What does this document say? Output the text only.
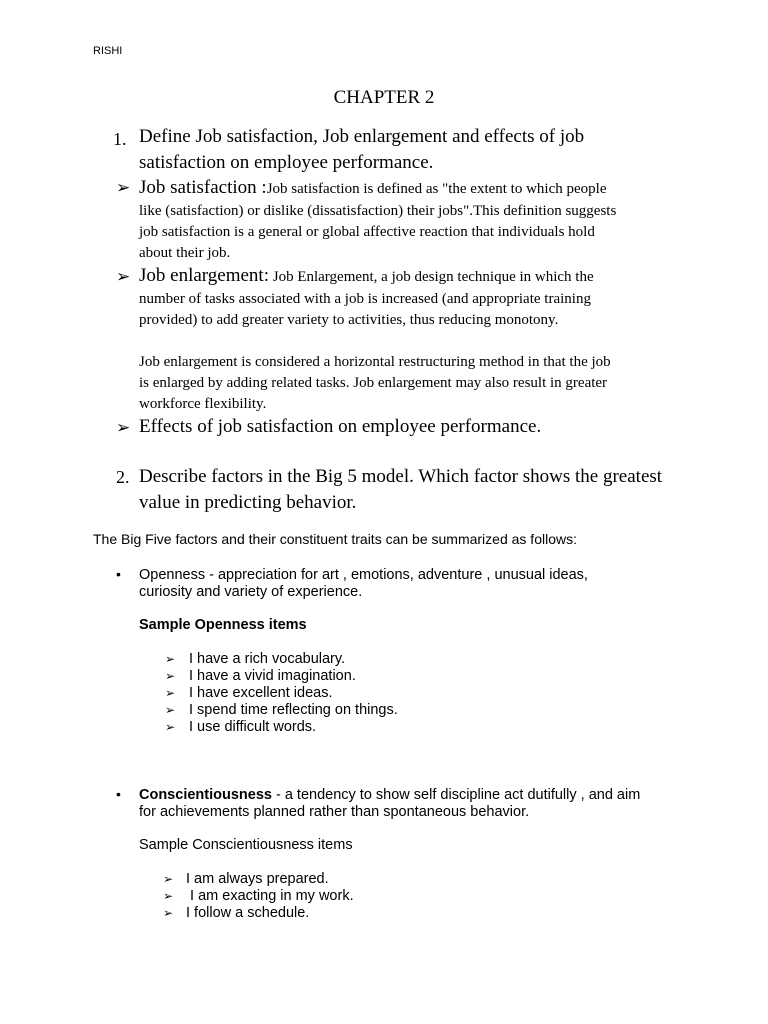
RISHI
CHAPTER 2
1. Define Job satisfaction, Job enlargement and effects of job
satisfaction on employee performance.
➢ Job satisfaction :Job satisfaction is defined as "the extent to which people
like (satisfaction) or dislike (dissatisfaction) their jobs".This definition suggests
job satisfaction is a general or global affective reaction that individuals hold
about their job.
➢ Job enlargement: Job Enlargement, a job design technique in which the
number of tasks associated with a job is increased (and appropriate training
provided) to add greater variety to activities, thus reducing monotony.
Job enlargement is considered a horizontal restructuring method in that the job
is enlarged by adding related tasks. Job enlargement may also result in greater
workforce flexibility.
➢ Effects of job satisfaction on employee performance.
2. Describe factors in the Big 5 model. Which factor shows the greatest
value in predicting behavior.
The Big Five factors and their constituent traits can be summarized as follows:
• Openness - appreciation for art , emotions, adventure , unusual ideas,
curiosity and variety of experience.
Sample Openness items
➢ I have a rich vocabulary.
➢ I have a vivid imagination.
➢ I have excellent ideas.
➢ I spend time reflecting on things.
➢ I use difficult words.
• Conscientiousness - a tendency to show self discipline act dutifully , and aim
for achievements planned rather than spontaneous behavior.
Sample Conscientiousness items
➢ I am always prepared.
➢ I am exacting in my work.
➢ I follow a schedule.
